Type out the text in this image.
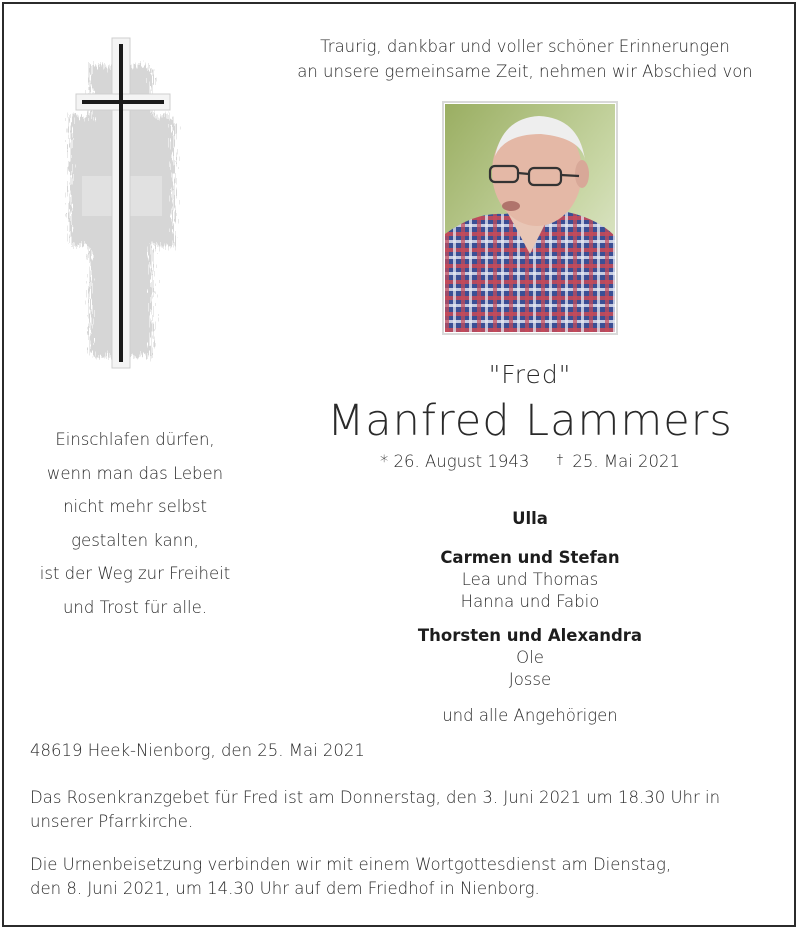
Traurig, dankbar und voller schöner Erinnerungen
an unsere gemeinsame Zeit, nehmen wir Abschied von
"Fred"
Manfred Lammers
* 26. August 1943 † 25. Mai 2021
Einschlafen dürfen,
wenn man das Leben
nicht mehr selbst
gestalten kann,
ist der Weg zur Freiheit
und Trost für alle.
Ulla
Carmen und Stefan
Lea und Thomas
Hanna und Fabio
Thorsten und Alexandra
Ole
Josse
und alle Angehörigen
48619 Heek-Nienborg, den 25. Mai 2021
Das Rosenkranzgebet für Fred ist am Donnerstag, den 3. Juni 2021 um 18.30 Uhr in
unserer Pfarrkirche.
Die Urnenbeisetzung verbinden wir mit einem Wortgottesdienst am Dienstag,
den 8. Juni 2021, um 14.30 Uhr auf dem Friedhof in Nienborg.
